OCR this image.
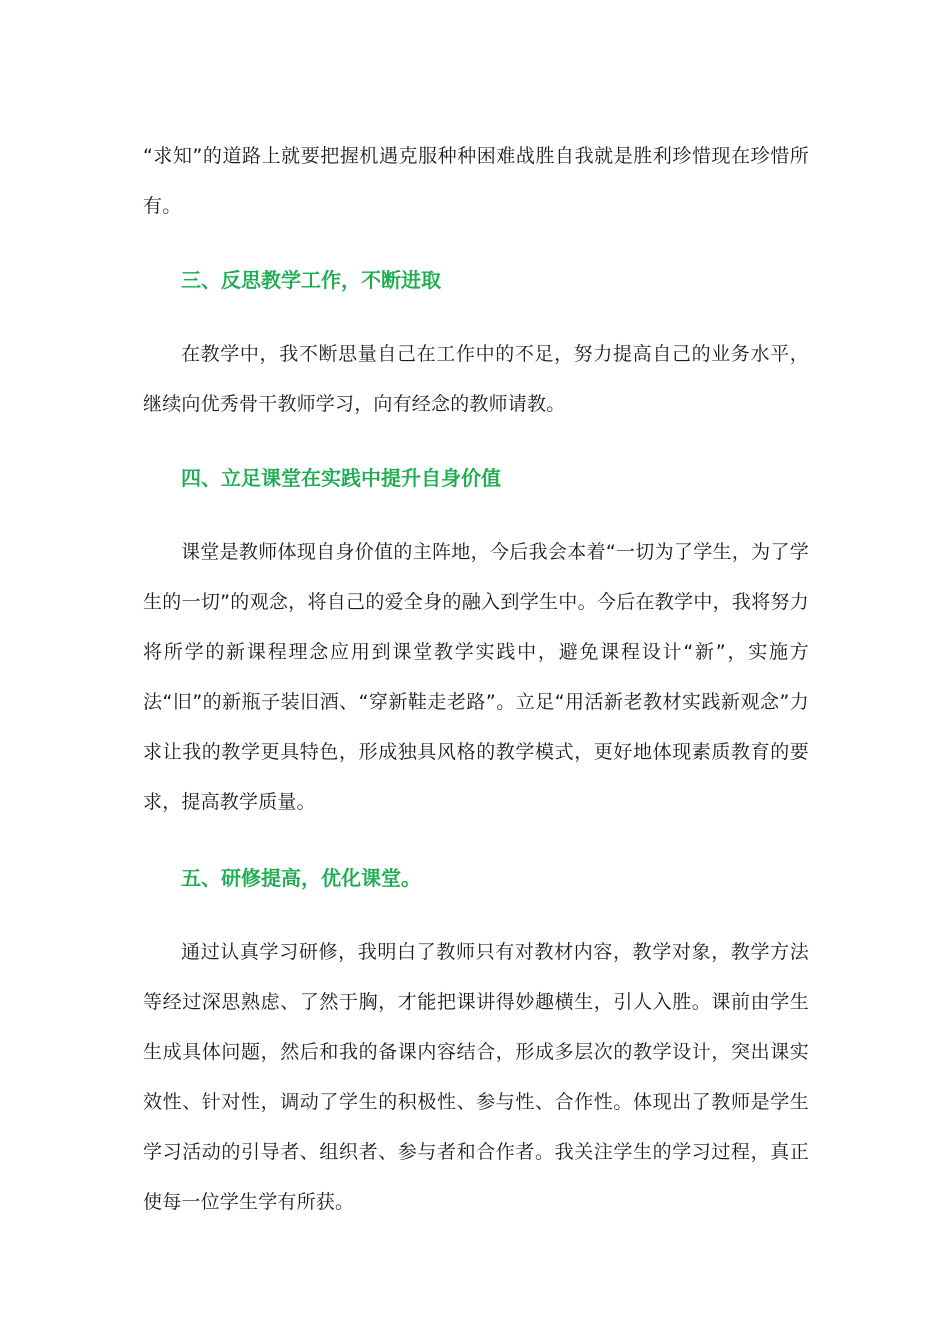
“求知”的道路上就要把握机遇克服种种困难战胜自我就是胜利珍惜现在珍惜所有。

三、反思教学工作，不断进取

在教学中，我不断思量自己在工作中的不足，努力提高自己的业务水平，继续向优秀骨干教师学习，向有经念的教师请教。

四、立足课堂在实践中提升自身价值

课堂是教师体现自身价值的主阵地，今后我会本着“一切为了学生，为了学生的一切”的观念，将自己的爱全身的融入到学生中。今后在教学中，我将努力将所学的新课程理念应用到课堂教学实践中，避免课程设计“新”，实施方法“旧”的新瓶子装旧酒、“穿新鞋走老路”。立足“用活新老教材实践新观念”力求让我的教学更具特色，形成独具风格的教学模式，更好地体现素质教育的要求，提高教学质量。

五、研修提高，优化课堂。

通过认真学习研修，我明白了教师只有对教材内容，教学对象，教学方法等经过深思熟虑、了然于胸，才能把课讲得妙趣横生，引人入胜。课前由学生生成具体问题，然后和我的备课内容结合，形成多层次的教学设计，突出课实效性、针对性，调动了学生的积极性、参与性、合作性。体现出了教师是学生学习活动的引导者、组织者、参与者和合作者。我关注学生的学习过程，真正使每一位学生学有所获。
